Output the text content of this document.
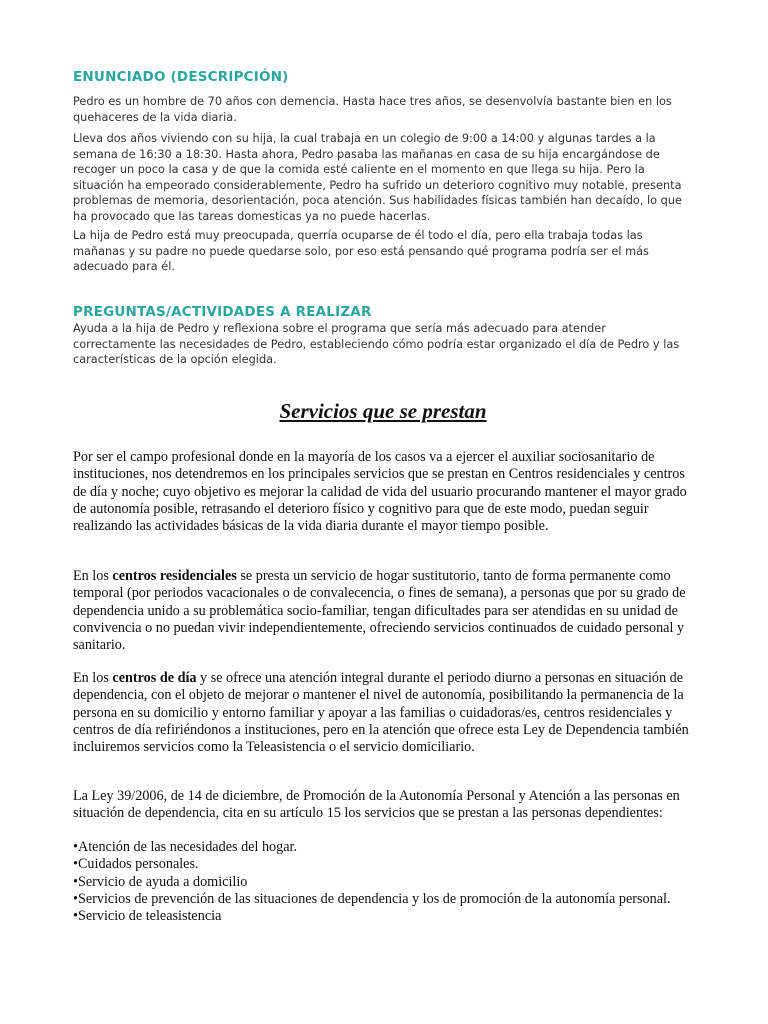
ENUNCIADO (DESCRIPCIÓN)

Pedro es un hombre de 70 años con demencia. Hasta hace tres años, se desenvolvía bastante bien en los quehaceres de la vida diaria.

Lleva dos años viviendo con su hija, la cual trabaja en un colegio de 9:00 a 14:00 y algunas tardes a la semana de 16:30 a 18:30. Hasta ahora, Pedro pasaba las mañanas en casa de su hija encargándose de recoger un poco la casa y de que la comida esté caliente en el momento en que llega su hija. Pero la situación ha empeorado considerablemente, Pedro ha sufrido un deterioro cognitivo muy notable, presenta problemas de memoria, desorientación, poca atención. Sus habilidades físicas también han decaído, lo que ha provocado que las tareas domesticas ya no puede hacerlas.

La hija de Pedro está muy preocupada, querría ocuparse de él todo el día, pero ella trabaja todas las mañanas y su padre no puede quedarse solo, por eso está pensando qué programa podría ser el más adecuado para él.

PREGUNTAS/ACTIVIDADES A REALIZAR

Ayuda a la hija de Pedro y reflexiona sobre el programa que sería más adecuado para atender correctamente las necesidades de Pedro, estableciendo cómo podría estar organizado el día de Pedro y las características de la opción elegida.

Servicios que se prestan

Por ser el campo profesional donde en la mayoría de los casos va a ejercer el auxiliar sociosanitario de instituciones, nos detendremos en los principales servicios que se prestan en Centros residenciales y centros de día y noche; cuyo objetivo es mejorar la calidad de vida del usuario procurando mantener el mayor grado de autonomía posible, retrasando el deterioro físico y cognitivo para que de este modo, puedan seguir realizando las actividades básicas de la vida diaria durante el mayor tiempo posible.

En los centros residenciales se presta un servicio de hogar sustitutorio, tanto de forma permanente como temporal (por periodos vacacionales o de convalecencia, o fines de semana), a personas que por su grado de dependencia unido a su problemática socio-familiar, tengan dificultades para ser atendidas en su unidad de convivencia o no puedan vivir independientemente, ofreciendo servicios continuados de cuidado personal y sanitario.

En los centros de día y se ofrece una atención integral durante el periodo diurno a personas en situación de dependencia, con el objeto de mejorar o mantener el nivel de autonomía, posibilitando la permanencia de la persona en su domicilio y entorno familiar y apoyar a las familias o cuidadoras/es, centros residenciales y centros de día refiriéndonos a instituciones, pero en la atención que ofrece esta Ley de Dependencia también incluiremos servicios como la Teleasistencia o el servicio domiciliario.

La Ley 39/2006, de 14 de diciembre, de Promoción de la Autonomía Personal y Atención a las personas en situación de dependencia, cita en su artículo 15 los servicios que se prestan a las personas dependientes:

•Atención de las necesidades del hogar.
•Cuidados personales.
•Servicio de ayuda a domicilio
•Servicios de prevención de las situaciones de dependencia y los de promoción de la autonomía personal.
•Servicio de teleasistencia
